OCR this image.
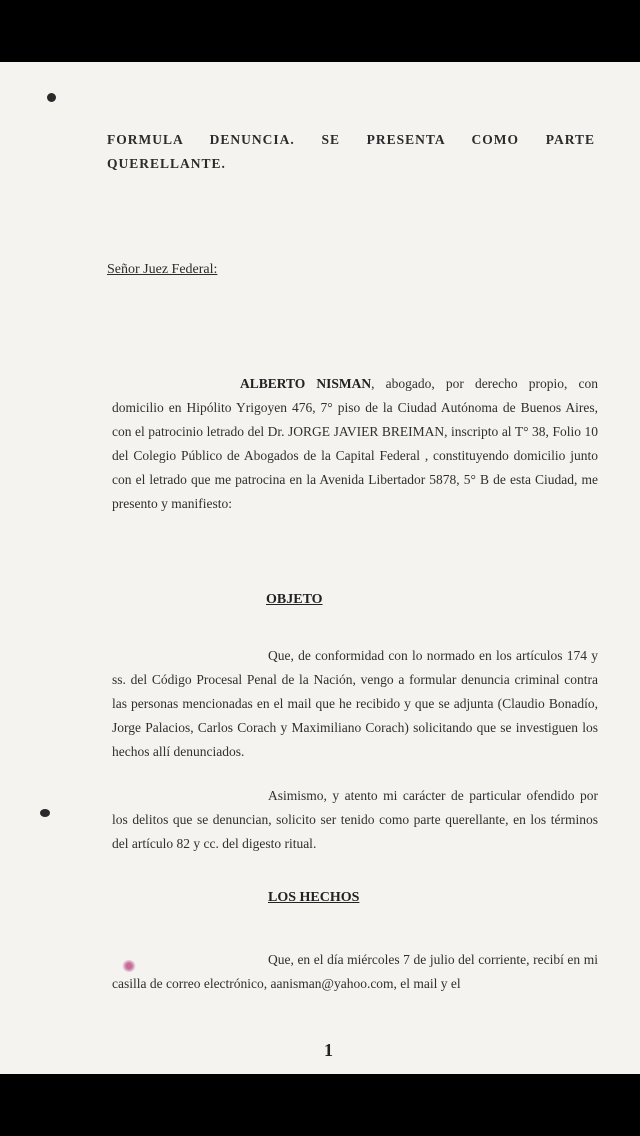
FORMULA DENUNCIA. SE PRESENTA COMO PARTE QUERELLANTE.
Señor Juez Federal:
ALBERTO NISMAN, abogado, por derecho propio, con domicilio en Hipólito Yrigoyen 476, 7° piso de la Ciudad Autónoma de Buenos Aires, con el patrocinio letrado del Dr. JORGE JAVIER BREIMAN, inscripto al T° 38, Folio 10 del Colegio Público de Abogados de la Capital Federal , constituyendo domicilio junto con el letrado que me patrocina en la Avenida Libertador 5878, 5° B de esta Ciudad, me presento y manifiesto:
OBJETO
Que, de conformidad con lo normado en los artículos 174 y ss. del Código Procesal Penal de la Nación, vengo a formular denuncia criminal contra las personas mencionadas en el mail que he recibido y que se adjunta (Claudio Bonadío, Jorge Palacios, Carlos Corach y Maximiliano Corach) solicitando que se investiguen los hechos allí denunciados.
Asimismo, y atento mi carácter de particular ofendido por los delitos que se denuncian, solicito ser tenido como parte querellante, en los términos del artículo 82 y cc. del digesto ritual.
LOS HECHOS
Que, en el día miércoles 7 de julio del corriente, recibí en mi casilla de correo electrónico, aanisman@yahoo.com, el mail y el
1
